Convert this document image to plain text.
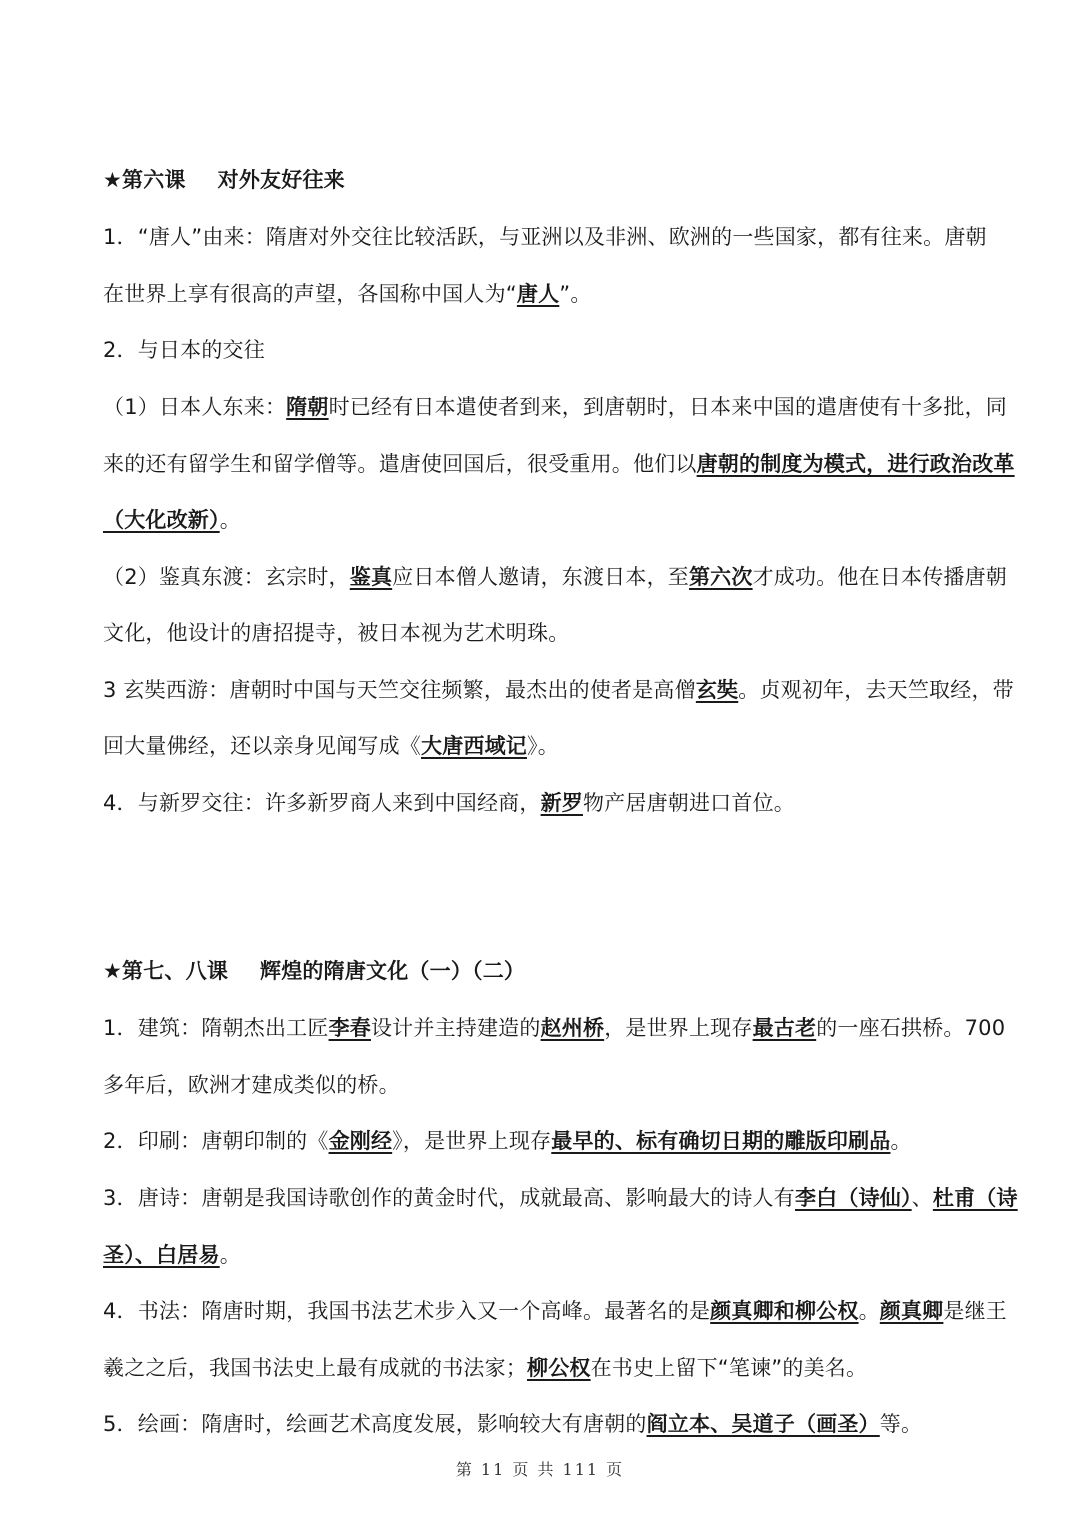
★第六课 对外友好往来
1．“唐人”由来：隋唐对外交往比较活跃，与亚洲以及非洲、欧洲的一些国家，都有往来。唐朝
在世界上享有很高的声望，各国称中国人为“唐人”。
2．与日本的交往
（1）日本人东来：隋朝时已经有日本遣使者到来，到唐朝时，日本来中国的遣唐使有十多批，同
来的还有留学生和留学僧等。遣唐使回国后，很受重用。他们以唐朝的制度为模式，进行政治改革
（大化改新）。
（2）鉴真东渡：玄宗时，鉴真应日本僧人邀请，东渡日本，至第六次才成功。他在日本传播唐朝
文化，他设计的唐招提寺，被日本视为艺术明珠。
3 玄奘西游：唐朝时中国与天竺交往频繁，最杰出的使者是高僧玄奘。贞观初年，去天竺取经，带
回大量佛经，还以亲身见闻写成《大唐西域记》。
4．与新罗交往：许多新罗商人来到中国经商，新罗物产居唐朝进口首位。
★第七、八课 辉煌的隋唐文化（一）（二）
1．建筑：隋朝杰出工匠李春设计并主持建造的赵州桥，是世界上现存最古老的一座石拱桥。700
多年后，欧洲才建成类似的桥。
2．印刷：唐朝印制的《金刚经》，是世界上现存最早的、标有确切日期的雕版印刷品。
3．唐诗：唐朝是我国诗歌创作的黄金时代，成就最高、影响最大的诗人有李白（诗仙）、杜甫（诗
圣）、白居易。
4．书法：隋唐时期，我国书法艺术步入又一个高峰。最著名的是颜真卿和柳公权。颜真卿是继王
羲之之后，我国书法史上最有成就的书法家；柳公权在书史上留下“笔谏”的美名。
5．绘画：隋唐时，绘画艺术高度发展，影响较大有唐朝的阎立本、吴道子（画圣）等。
第 11 页 共 111 页
